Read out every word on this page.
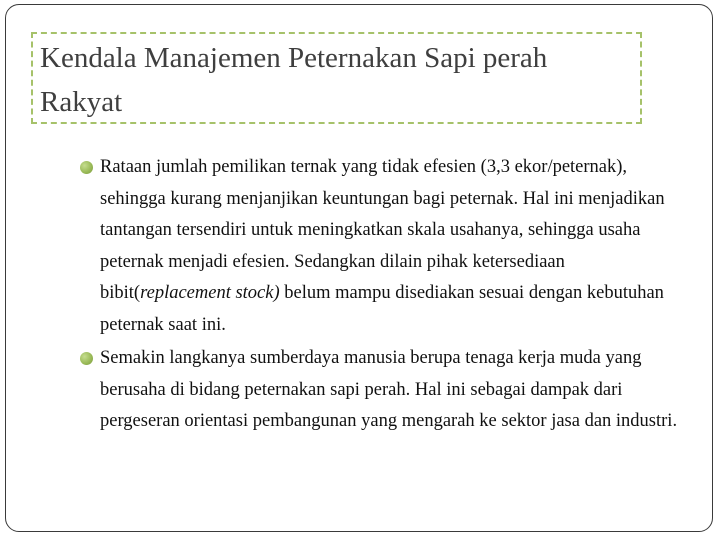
Kendala Manajemen Peternakan Sapi perah Rakyat
Rataan jumlah pemilikan ternak yang tidak efesien (3,3 ekor/peternak), sehingga kurang menjanjikan keuntungan bagi peternak. Hal ini menjadikan tantangan tersendiri untuk meningkatkan skala usahanya, sehingga usaha peternak menjadi efesien. Sedangkan dilain pihak ketersediaan bibit(replacement stock) belum mampu disediakan sesuai dengan kebutuhan peternak saat ini.
Semakin langkanya sumberdaya manusia berupa tenaga kerja muda yang berusaha di bidang peternakan sapi perah. Hal ini sebagai dampak dari pergeseran orientasi pembangunan yang mengarah ke sektor jasa dan industri.
